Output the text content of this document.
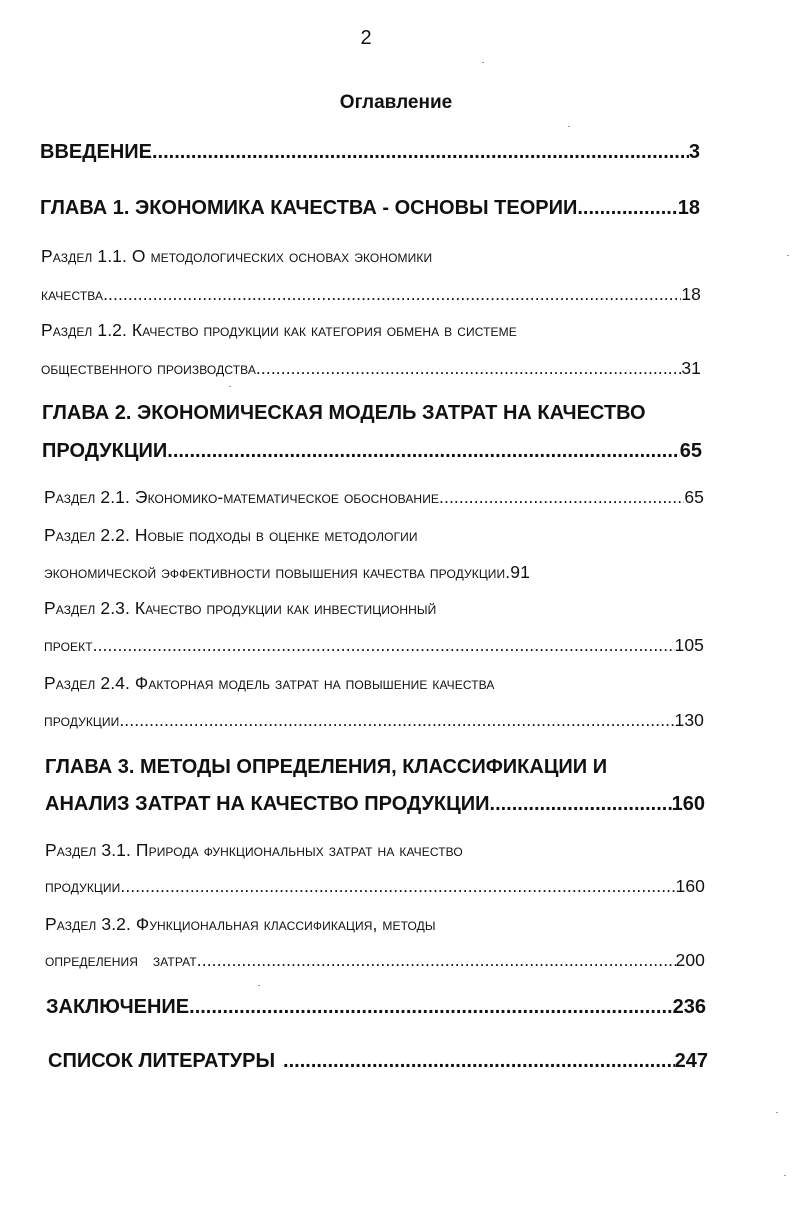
2
Оглавление
ВВЕДЕНИЕ .....	3
ГЛАВА 1. ЭКОНОМИКА КАЧЕСТВА - ОСНОВЫ ТЕОРИИ. .....	18
Раздел 1.1. О методологических основах экономики
качества. .....	18
Раздел 1.2. Качество продукции как категория обмена в системе
общественного производства. .....	31
ГЛАВА 2. ЭКОНОМИЧЕСКАЯ МОДЕЛЬ ЗАТРАТ НА КАЧЕСТВО
ПРОДУКЦИИ. .....	65
Раздел 2.1. Экономико-математическое обоснование. .....	65
Раздел 2.2. Новые подходы в оценке методологии
экономической эффективности повышения качества продукции. 91
Раздел 2.3. Качество продукции как инвестиционный
проект. .....	105
Раздел 2.4. Факторная модель затрат на повышение качества
продукции .....	130
ГЛАВА 3. МЕТОДЫ ОПРЕДЕЛЕНИЯ, КЛАССИФИКАЦИИ И
АНАЛИЗ ЗАТРАТ НА КАЧЕСТВО ПРОДУКЦИИ. .....	160
Раздел 3.1. Природа функциональных затрат на качество
продукции. .....	160
Раздел 3.2. Функциональная классификация, методы
определения   затрат. .....	200
ЗАКЛЮЧЕНИЕ. .....	236
СПИСОК ЛИТЕРАТУРЫ .....	247
